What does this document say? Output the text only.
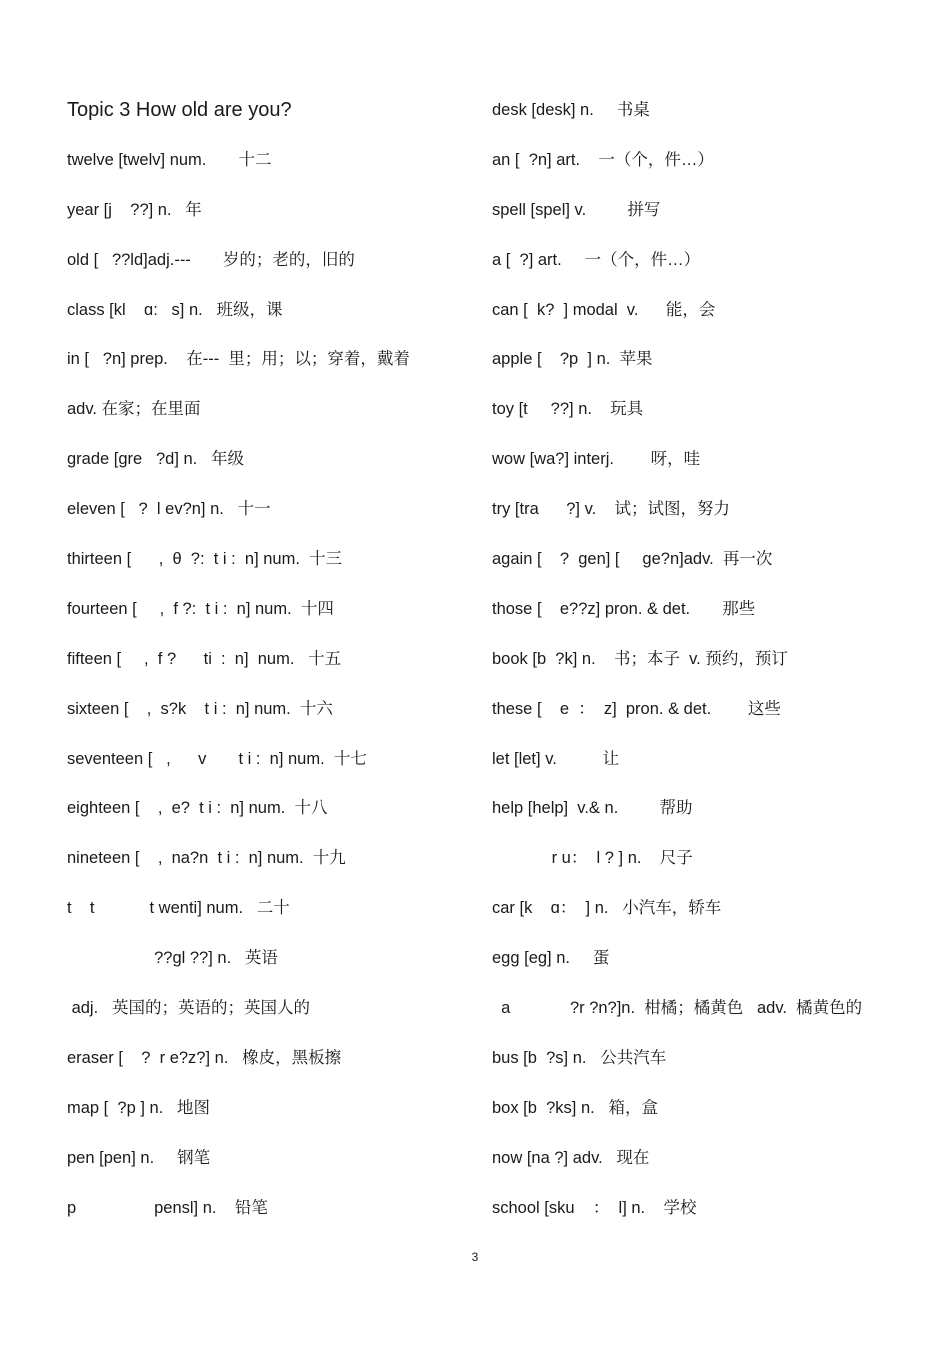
Topic 3 How old are you?
twelve [twelv] num.       十二
year [j    ??] n.   年
old [   ??ld]adj.---       岁的；老的，旧的
class [kl    ɑ:   s] n.   班级，课
in [   ?n] prep.    在---  里；用；以；穿着，戴着
adv. 在家；在里面
grade [gre   ?d] n.   年级
eleven [   ?  l ev?n] n.   十一
thirteen [      ,  θ  ?:  t i :  n] num.  十三
fourteen [     ,  f ?:  t i :  n] num.  十四
fifteen [     ,  f ?      ti  :  n]  num.   十五
sixteen [    ,  s?k    t i :  n] num.  十六
seventeen [   ,      v       t i :  n] num.  十七
eighteen [    ,  e?  t i :  n] num.  十八
nineteen [    ,  na?n  t i :  n] num.  十九
t    t            t wenti] num.   二十
??gl ??] n.   英语
adj.   英国的；英语的；英国人的
eraser [    ?  r e?z?] n.   橡皮，黑板擦
map [  ?p ] n.   地图
pen [pen] n.     钢笔
p                 pensl] n.    铅笔
desk [desk] n.     书桌
an [  ?n] art.    一（个，件…）
spell [spel] v.         拼写
a [  ?] art.     一（个，件…）
can [  k?  ] modal  v.      能，会
apple [    ?p  ] n.  苹果
toy [t     ??] n.    玩具
wow [wa?] interj.        呀，哇
try [tra      ?] v.    试；试图，努力
again [    ?  gen] [     ge?n]adv.  再一次
those [    e??z] pron. & det.       那些
book [b  ?k] n.    书；本子  v. 预约，预订
these [    e  ：  z]  pron. & det.        这些
let [let] v.          让
help [help]  v.& n.         帮助
r u：  l ? ] n.    尺子
car [k    ɑ：  ] n.   小汽车，轿车
egg [eg] n.     蛋
a             ?r ?n?]n.  柑橘；橘黄色   adv.  橘黄色的
bus [b  ?s] n.   公共汽车
box [b  ?ks] n.   箱，盒
now [na ?] adv.   现在
school [sku    ：  l] n.    学校
3
